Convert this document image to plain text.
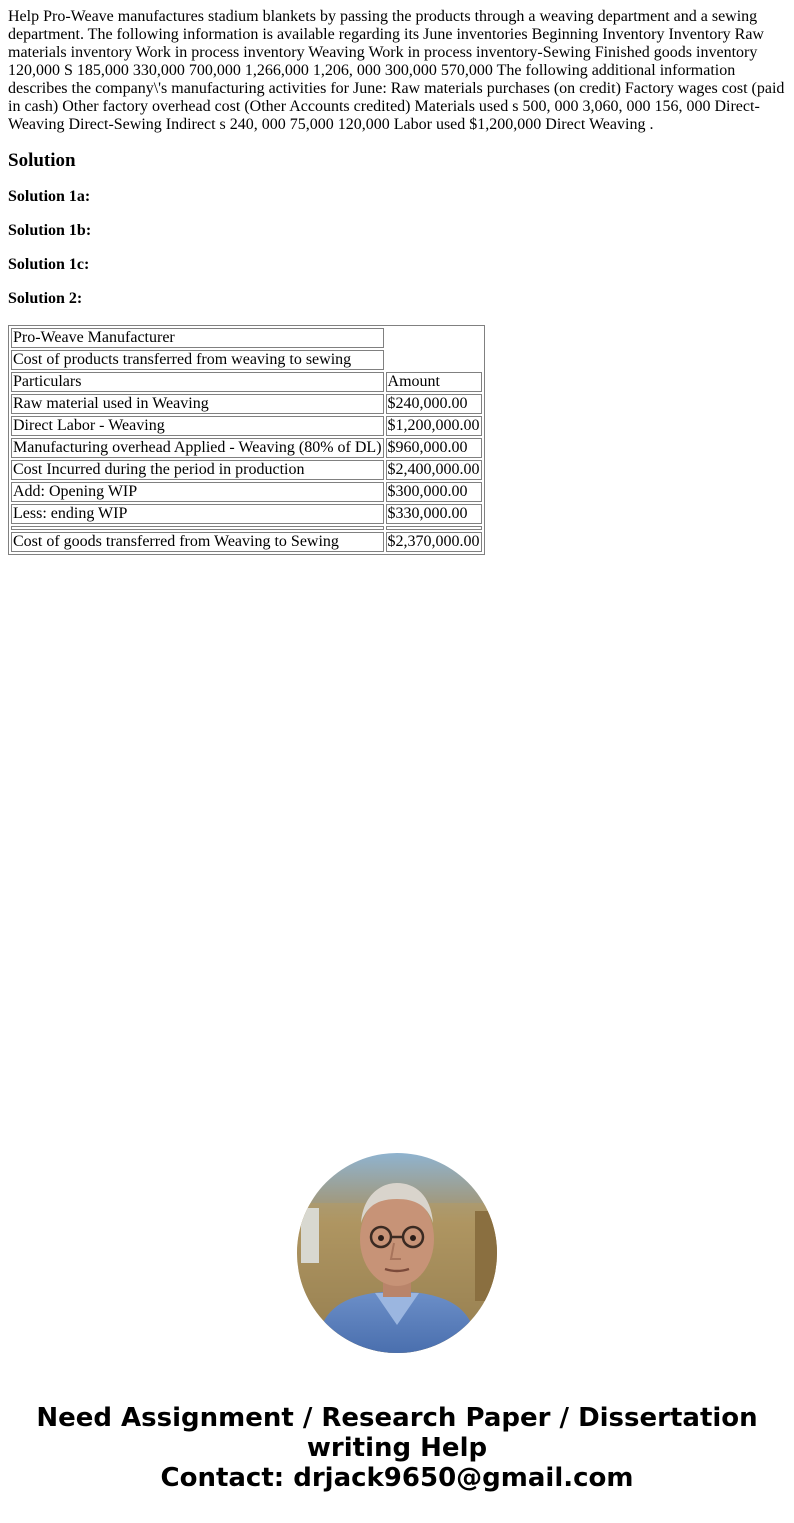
Help Pro-Weave manufactures stadium blankets by passing the products through a weaving department and a sewing department. The following information is available regarding its June inventories Beginning Inventory Inventory Raw materials inventory Work in process inventory Weaving Work in process inventory-Sewing Finished goods inventory 120,000 S 185,000 330,000 700,000 1,266,000 1,206, 000 300,000 570,000 The following additional information describes the company\'s manufacturing activities for June: Raw materials purchases (on credit) Factory wages cost (paid in cash) Other factory overhead cost (Other Accounts credited) Materials used s 500, 000 3,060, 000 156, 000 Direct-Weaving Direct-Sewing Indirect s 240, 000 75,000 120,000 Labor used $1,200,000 Direct Weaving .

Solution
Solution 1a:
Solution 1b:
Solution 1c:
Solution 2:
Pro-Weave Manufacturer	
Cost of products transferred from weaving to sewing	
Particulars	Amount
Raw material used in Weaving	$240,000.00
Direct Labor - Weaving	$1,200,000.00
Manufacturing overhead Applied - Weaving (80% of DL)	$960,000.00
Cost Incurred during the period in production	$2,400,000.00
Add: Opening WIP	$300,000.00
Less: ending WIP	$330,000.00

Cost of goods transferred from Weaving to Sewing	$2,370,000.00
Need Assignment / Research Paper / Dissertation
writing Help
Contact: drjack9650@gmail.com
